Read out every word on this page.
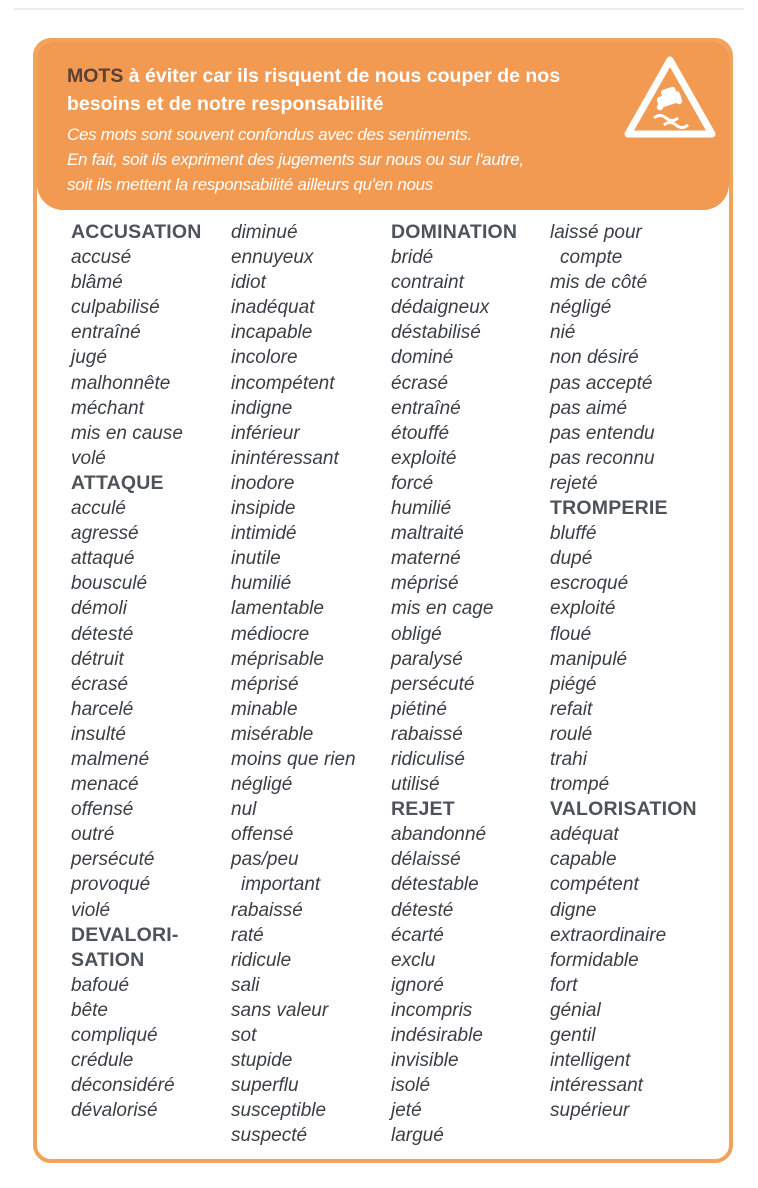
MOTS à éviter car ils risquent de nous couper de nos besoins et de notre responsabilité

Ces mots sont souvent confondus avec des sentiments.
En fait, soit ils expriment des jugements sur nous ou sur l'autre,
soit ils mettent la responsabilité ailleurs qu'en nous

ACCUSATION
accusé
blâmé
culpabilisé
entraîné
jugé
malhonnête
méchant
mis en cause
volé
ATTAQUE
acculé
agressé
attaqué
bousculé
démoli
détesté
détruit
écrasé
harcelé
insulté
malmené
menacé
offensé
outré
persécuté
provoqué
violé
DEVALORI-
SATION
bafoué
bête
compliqué
crédule
déconsidéré
dévalorisé
diminué
ennuyeux
idiot
inadéquat
incapable
incolore
incompétent
indigne
inférieur
inintéressant
inodore
insipide
intimidé
inutile
humilié
lamentable
médiocre
méprisable
méprisé
minable
misérable
moins que rien
négligé
nul
offensé
pas/peu
important
rabaissé
raté
ridicule
sali
sans valeur
sot
stupide
superflu
susceptible
suspecté
DOMINATION
bridé
contraint
dédaigneux
déstabilisé
dominé
écrasé
entraîné
étouffé
exploité
forcé
humilié
maltraité
materné
méprisé
mis en cage
obligé
paralysé
persécuté
piétiné
rabaissé
ridiculisé
utilisé
REJET
abandonné
délaissé
détestable
détesté
écarté
exclu
ignoré
incompris
indésirable
invisible
isolé
jeté
largué
laissé pour
compte
mis de côté
négligé
nié
non désiré
pas accepté
pas aimé
pas entendu
pas reconnu
rejeté
TROMPERIE
bluffé
dupé
escroqué
exploité
floué
manipulé
piégé
refait
roulé
trahi
trompé
VALORISATION
adéquat
capable
compétent
digne
extraordinaire
formidable
fort
génial
gentil
intelligent
intéressant
supérieur
